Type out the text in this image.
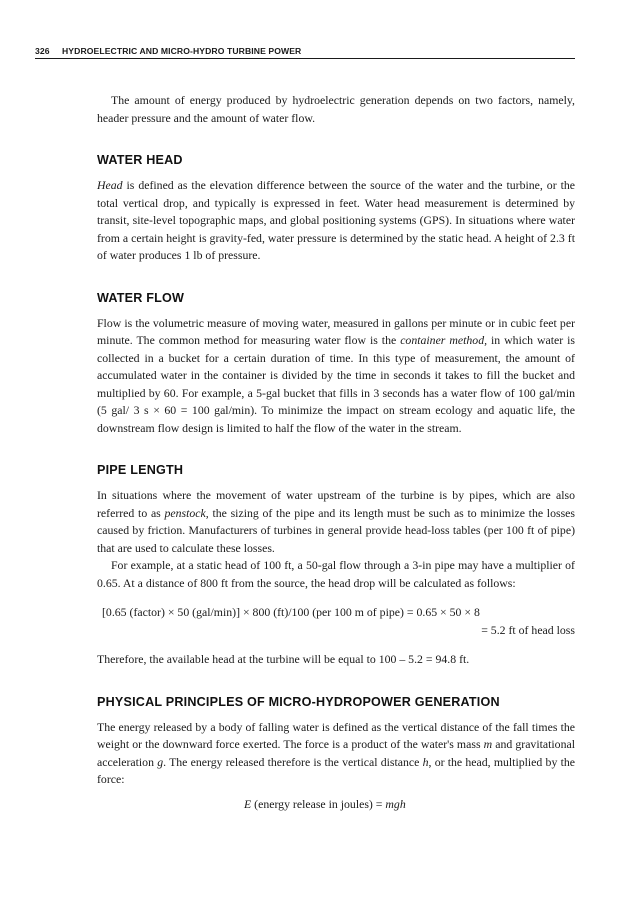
326 HYDROELECTRIC AND MICRO-HYDRO TURBINE POWER

The amount of energy produced by hydroelectric generation depends on two factors, namely, header pressure and the amount of water flow.

WATER HEAD

Head is defined as the elevation difference between the source of the water and the turbine, or the total vertical drop, and typically is expressed in feet. Water head measurement is determined by transit, site-level topographic maps, and global positioning systems (GPS). In situations where water from a certain height is gravity-fed, water pressure is determined by the static head. A height of 2.3 ft of water produces 1 lb of pressure.

WATER FLOW

Flow is the volumetric measure of moving water, measured in gallons per minute or in cubic feet per minute. The common method for measuring water flow is the container method, in which water is collected in a bucket for a certain duration of time. In this type of measurement, the amount of accumulated water in the container is divided by the time in seconds it takes to fill the bucket and multiplied by 60. For example, a 5-gal bucket that fills in 3 seconds has a water flow of 100 gal/min (5 gal/ 3 s × 60 = 100 gal/min). To minimize the impact on stream ecology and aquatic life, the downstream flow design is limited to half the flow of the water in the stream.

PIPE LENGTH

In situations where the movement of water upstream of the turbine is by pipes, which are also referred to as penstock, the sizing of the pipe and its length must be such as to minimize the losses caused by friction. Manufacturers of turbines in general provide head-loss tables (per 100 ft of pipe) that are used to calculate these losses.

For example, at a static head of 100 ft, a 50-gal flow through a 3-in pipe may have a multiplier of 0.65. At a distance of 800 ft from the source, the head drop will be calculated as follows:

[0.65 (factor) × 50 (gal/min)] × 800 (ft)/100 (per 100 m of pipe) = 0.65 × 50 × 8
= 5.2 ft of head loss

Therefore, the available head at the turbine will be equal to 100 – 5.2 = 94.8 ft.

PHYSICAL PRINCIPLES OF MICRO-HYDROPOWER GENERATION

The energy released by a body of falling water is defined as the vertical distance of the fall times the weight or the downward force exerted. The force is a product of the water's mass m and gravitational acceleration g. The energy released therefore is the vertical distance h, or the head, multiplied by the force:

E (energy release in joules) = mgh
